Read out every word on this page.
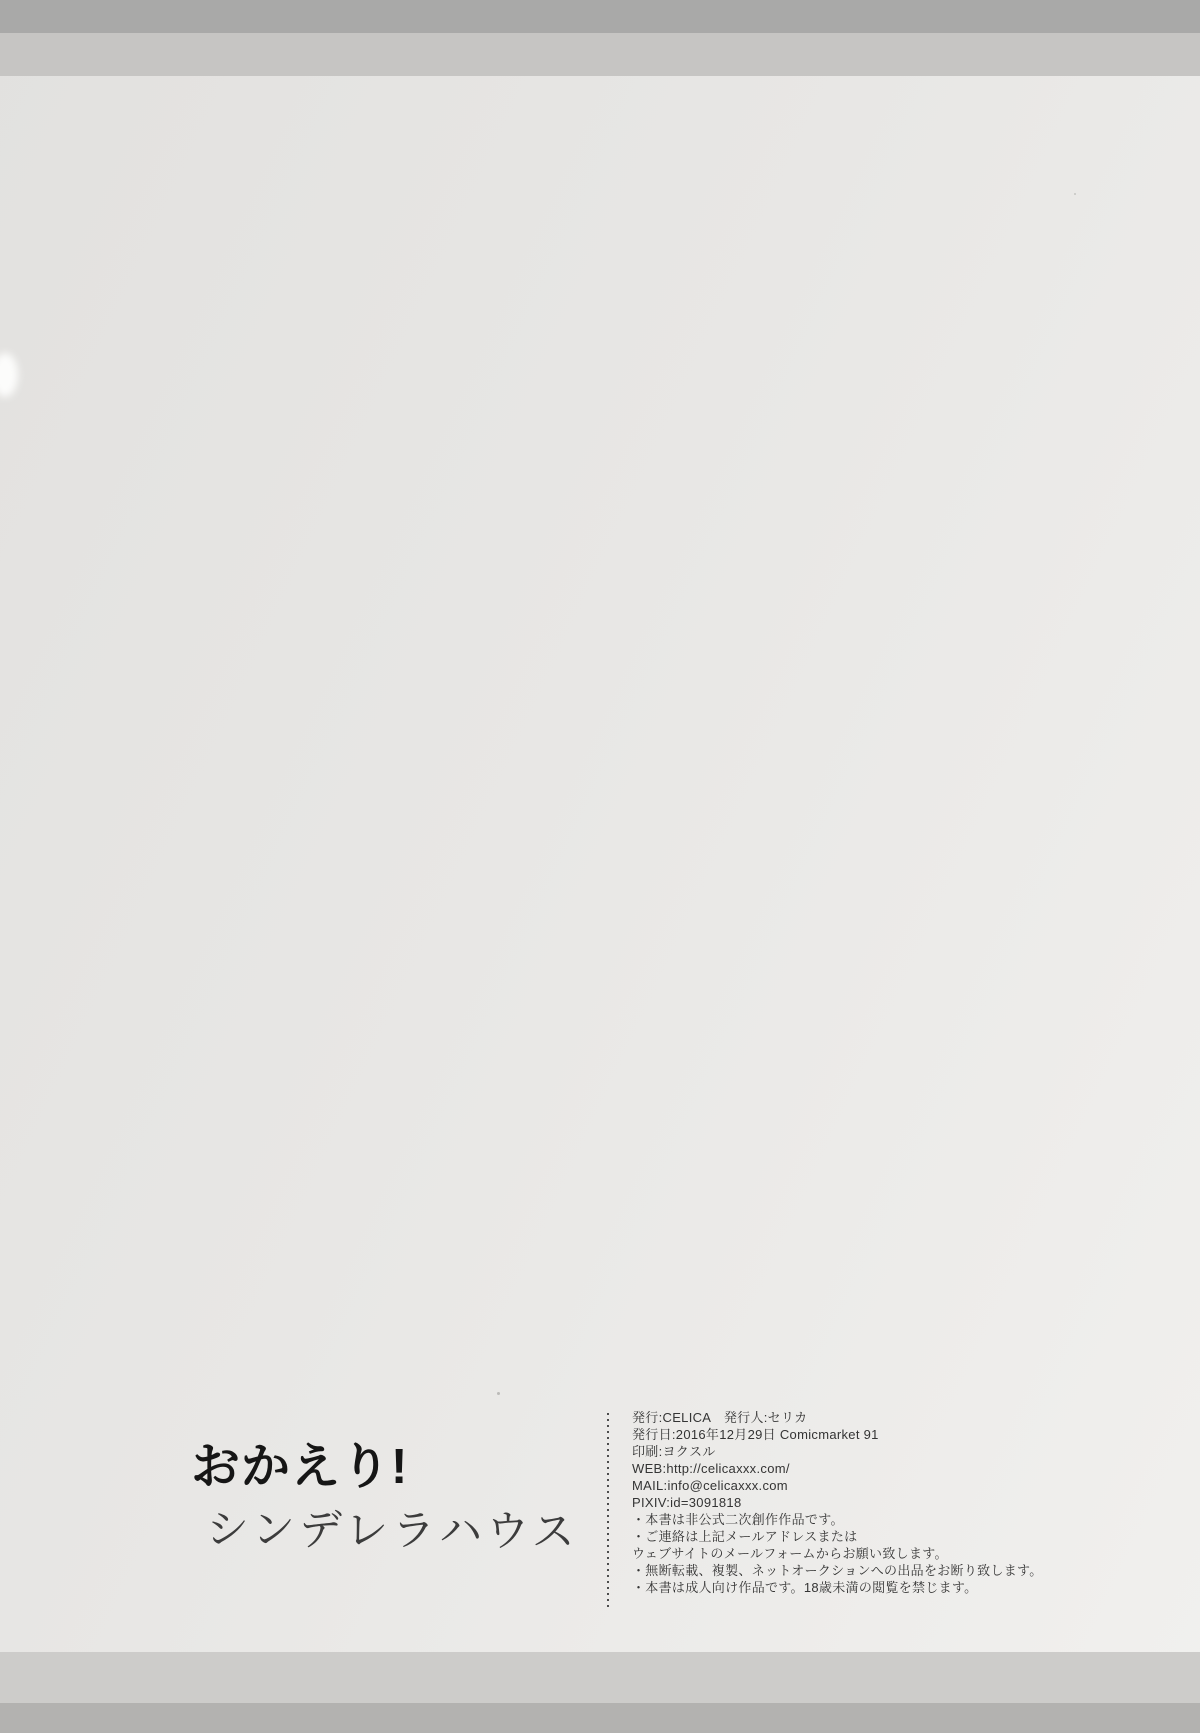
おかえり!
シンデレラハウス
発行:CELICA　発行人:セリカ
発行日:2016年12月29日 Comicmarket 91
印刷:ヨクスル
WEB:http://celicaxxx.com/
MAIL:info@celicaxxx.com
PIXIV:id=3091818
・本書は非公式二次創作作品です。
・ご連絡は上記メールアドレスまたは
ウェブサイトのメールフォームからお願い致します。
・無断転載、複製、ネットオークションへの出品をお断り致します。
・本書は成人向け作品です。18歳未満の閲覧を禁じます。
